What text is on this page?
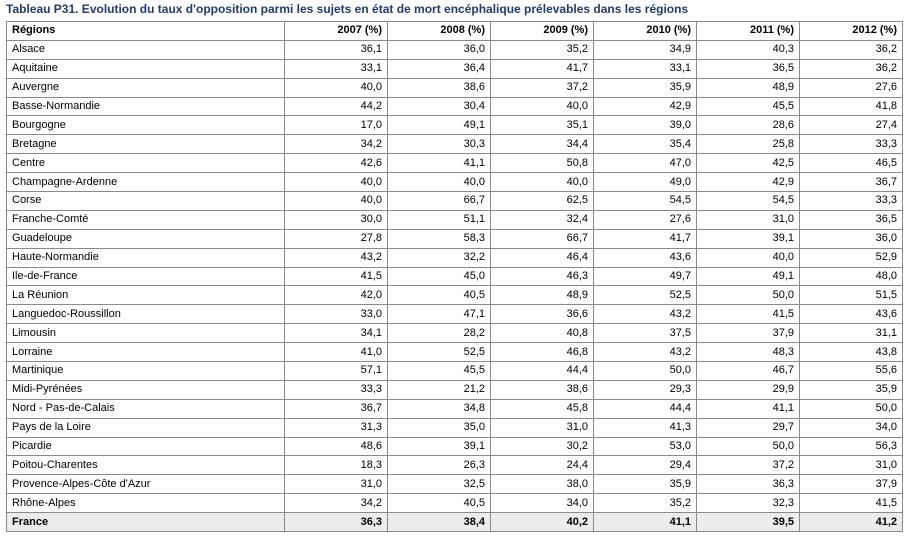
Tableau P31. Evolution du taux d'opposition parmi les sujets en état de mort encéphalique prélevables dans les régions
Régions	2007 (%)	2008 (%)	2009 (%)	2010 (%)	2011 (%)	2012 (%)
Alsace	36,1	36,0	35,2	34,9	40,3	36,2
Aquitaine	33,1	36,4	41,7	33,1	36,5	36,2
Auvergne	40,0	38,6	37,2	35,9	48,9	27,6
Basse-Normandie	44,2	30,4	40,0	42,9	45,5	41,8
Bourgogne	17,0	49,1	35,1	39,0	28,6	27,4
Bretagne	34,2	30,3	34,4	35,4	25,8	33,3
Centre	42,6	41,1	50,8	47,0	42,5	46,5
Champagne-Ardenne	40,0	40,0	40,0	49,0	42,9	36,7
Corse	40,0	66,7	62,5	54,5	54,5	33,3
Franche-Comté	30,0	51,1	32,4	27,6	31,0	36,5
Guadeloupe	27,8	58,3	66,7	41,7	39,1	36,0
Haute-Normandie	43,2	32,2	46,4	43,6	40,0	52,9
Ile-de-France	41,5	45,0	46,3	49,7	49,1	48,0
La Réunion	42,0	40,5	48,9	52,5	50,0	51,5
Languedoc-Roussillon	33,0	47,1	36,6	43,2	41,5	43,6
Limousin	34,1	28,2	40,8	37,5	37,9	31,1
Lorraine	41,0	52,5	46,8	43,2	48,3	43,8
Martinique	57,1	45,5	44,4	50,0	46,7	55,6
Midi-Pyrénées	33,3	21,2	38,6	29,3	29,9	35,9
Nord - Pas-de-Calais	36,7	34,8	45,8	44,4	41,1	50,0
Pays de la Loire	31,3	35,0	31,0	41,3	29,7	34,0
Picardie	48,6	39,1	30,2	53,0	50,0	56,3
Poitou-Charentes	18,3	26,3	24,4	29,4	37,2	31,0
Provence-Alpes-Côte d'Azur	31,0	32,5	38,0	35,9	36,3	37,9
Rhône-Alpes	34,2	40,5	34,0	35,2	32,3	41,5
France	36,3	38,4	40,2	41,1	39,5	41,2
